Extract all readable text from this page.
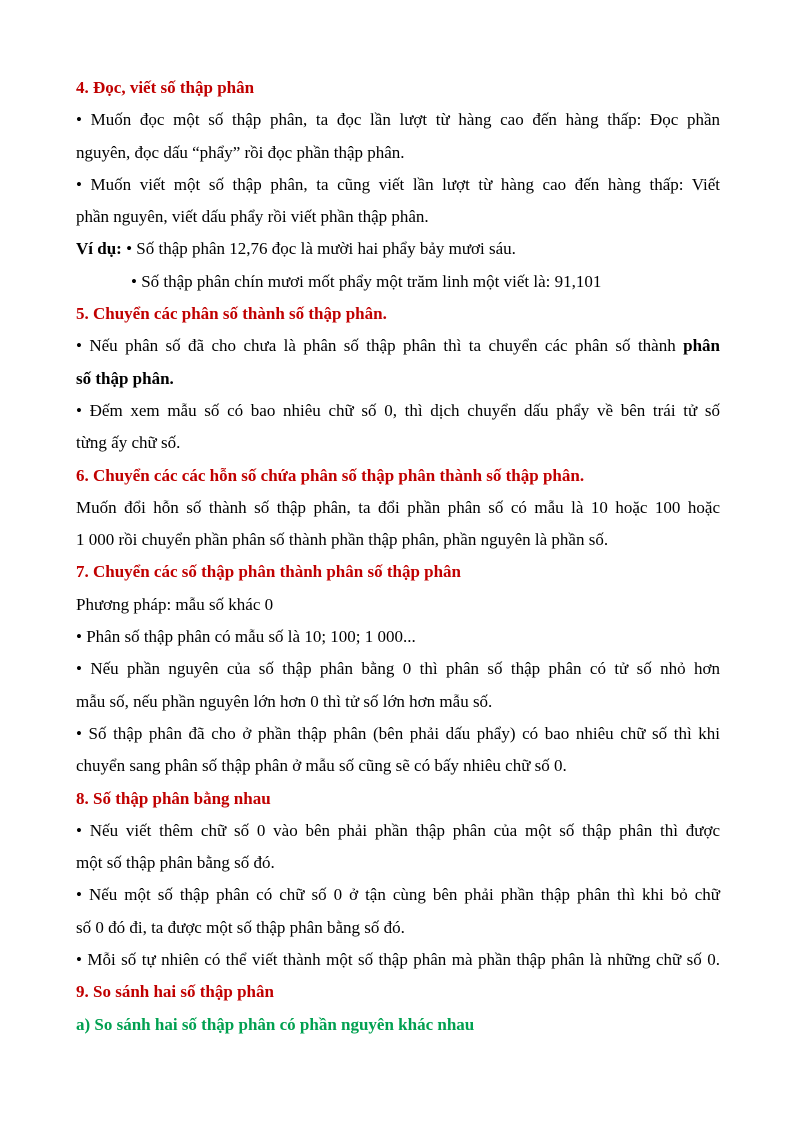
4. Đọc, viết số thập phân

• Muốn đọc một số thập phân, ta đọc lần lượt từ hàng cao đến hàng thấp: Đọc phần

nguyên, đọc dấu “phẩy” rồi đọc phần thập phân.

• Muốn viết một số thập phân, ta cũng viết lần lượt từ hàng cao đến hàng thấp: Viết

phần nguyên, viết dấu phẩy rồi viết phần thập phân.

Ví dụ: • Số thập phân 12,76 đọc là mười hai phẩy bảy mươi sáu.

• Số thập phân chín mươi mốt phẩy một trăm linh một viết là: 91,101

5. Chuyển các phân số thành số thập phân.

• Nếu phân số đã cho chưa là phân số thập phân thì ta chuyển các phân số thành phân

số thập phân.

• Đếm xem mẫu số có bao nhiêu chữ số 0, thì dịch chuyển dấu phẩy về bên trái tử số

từng ấy chữ số.

6. Chuyển các các hỗn số chứa phân số thập phân thành số thập phân.

Muốn đổi hỗn số thành số thập phân, ta đổi phần phân số có mẫu là 10 hoặc 100 hoặc

1 000 rồi chuyển phần phân số thành phần thập phân, phần nguyên là phần số.

7. Chuyển các số thập phân thành phân số thập phân

Phương pháp: mẫu số khác 0

• Phân số thập phân có mẫu số là 10; 100; 1 000...

• Nếu phần nguyên của số thập phân bằng 0 thì phân số thập phân có tử số nhỏ hơn

mẫu số, nếu phần nguyên lớn hơn 0 thì tử số lớn hơn mẫu số.

• Số thập phân đã cho ở phần thập phân (bên phải dấu phẩy) có bao nhiêu chữ số thì khi

chuyển sang phân số thập phân ở mẫu số cũng sẽ có bấy nhiêu chữ số 0.

8. Số thập phân bằng nhau

• Nếu viết thêm chữ số 0 vào bên phải phần thập phân của một số thập phân thì được

một số thập phân bằng số đó.

• Nếu một số thập phân có chữ số 0 ở tận cùng bên phải phần thập phân thì khi bỏ chữ

số 0 đó đi, ta được một số thập phân bằng số đó.

• Mỗi số tự nhiên có thể viết thành một số thập phân mà phần thập phân là những chữ số 0.

9. So sánh hai số thập phân

a) So sánh hai số thập phân có phần nguyên khác nhau
